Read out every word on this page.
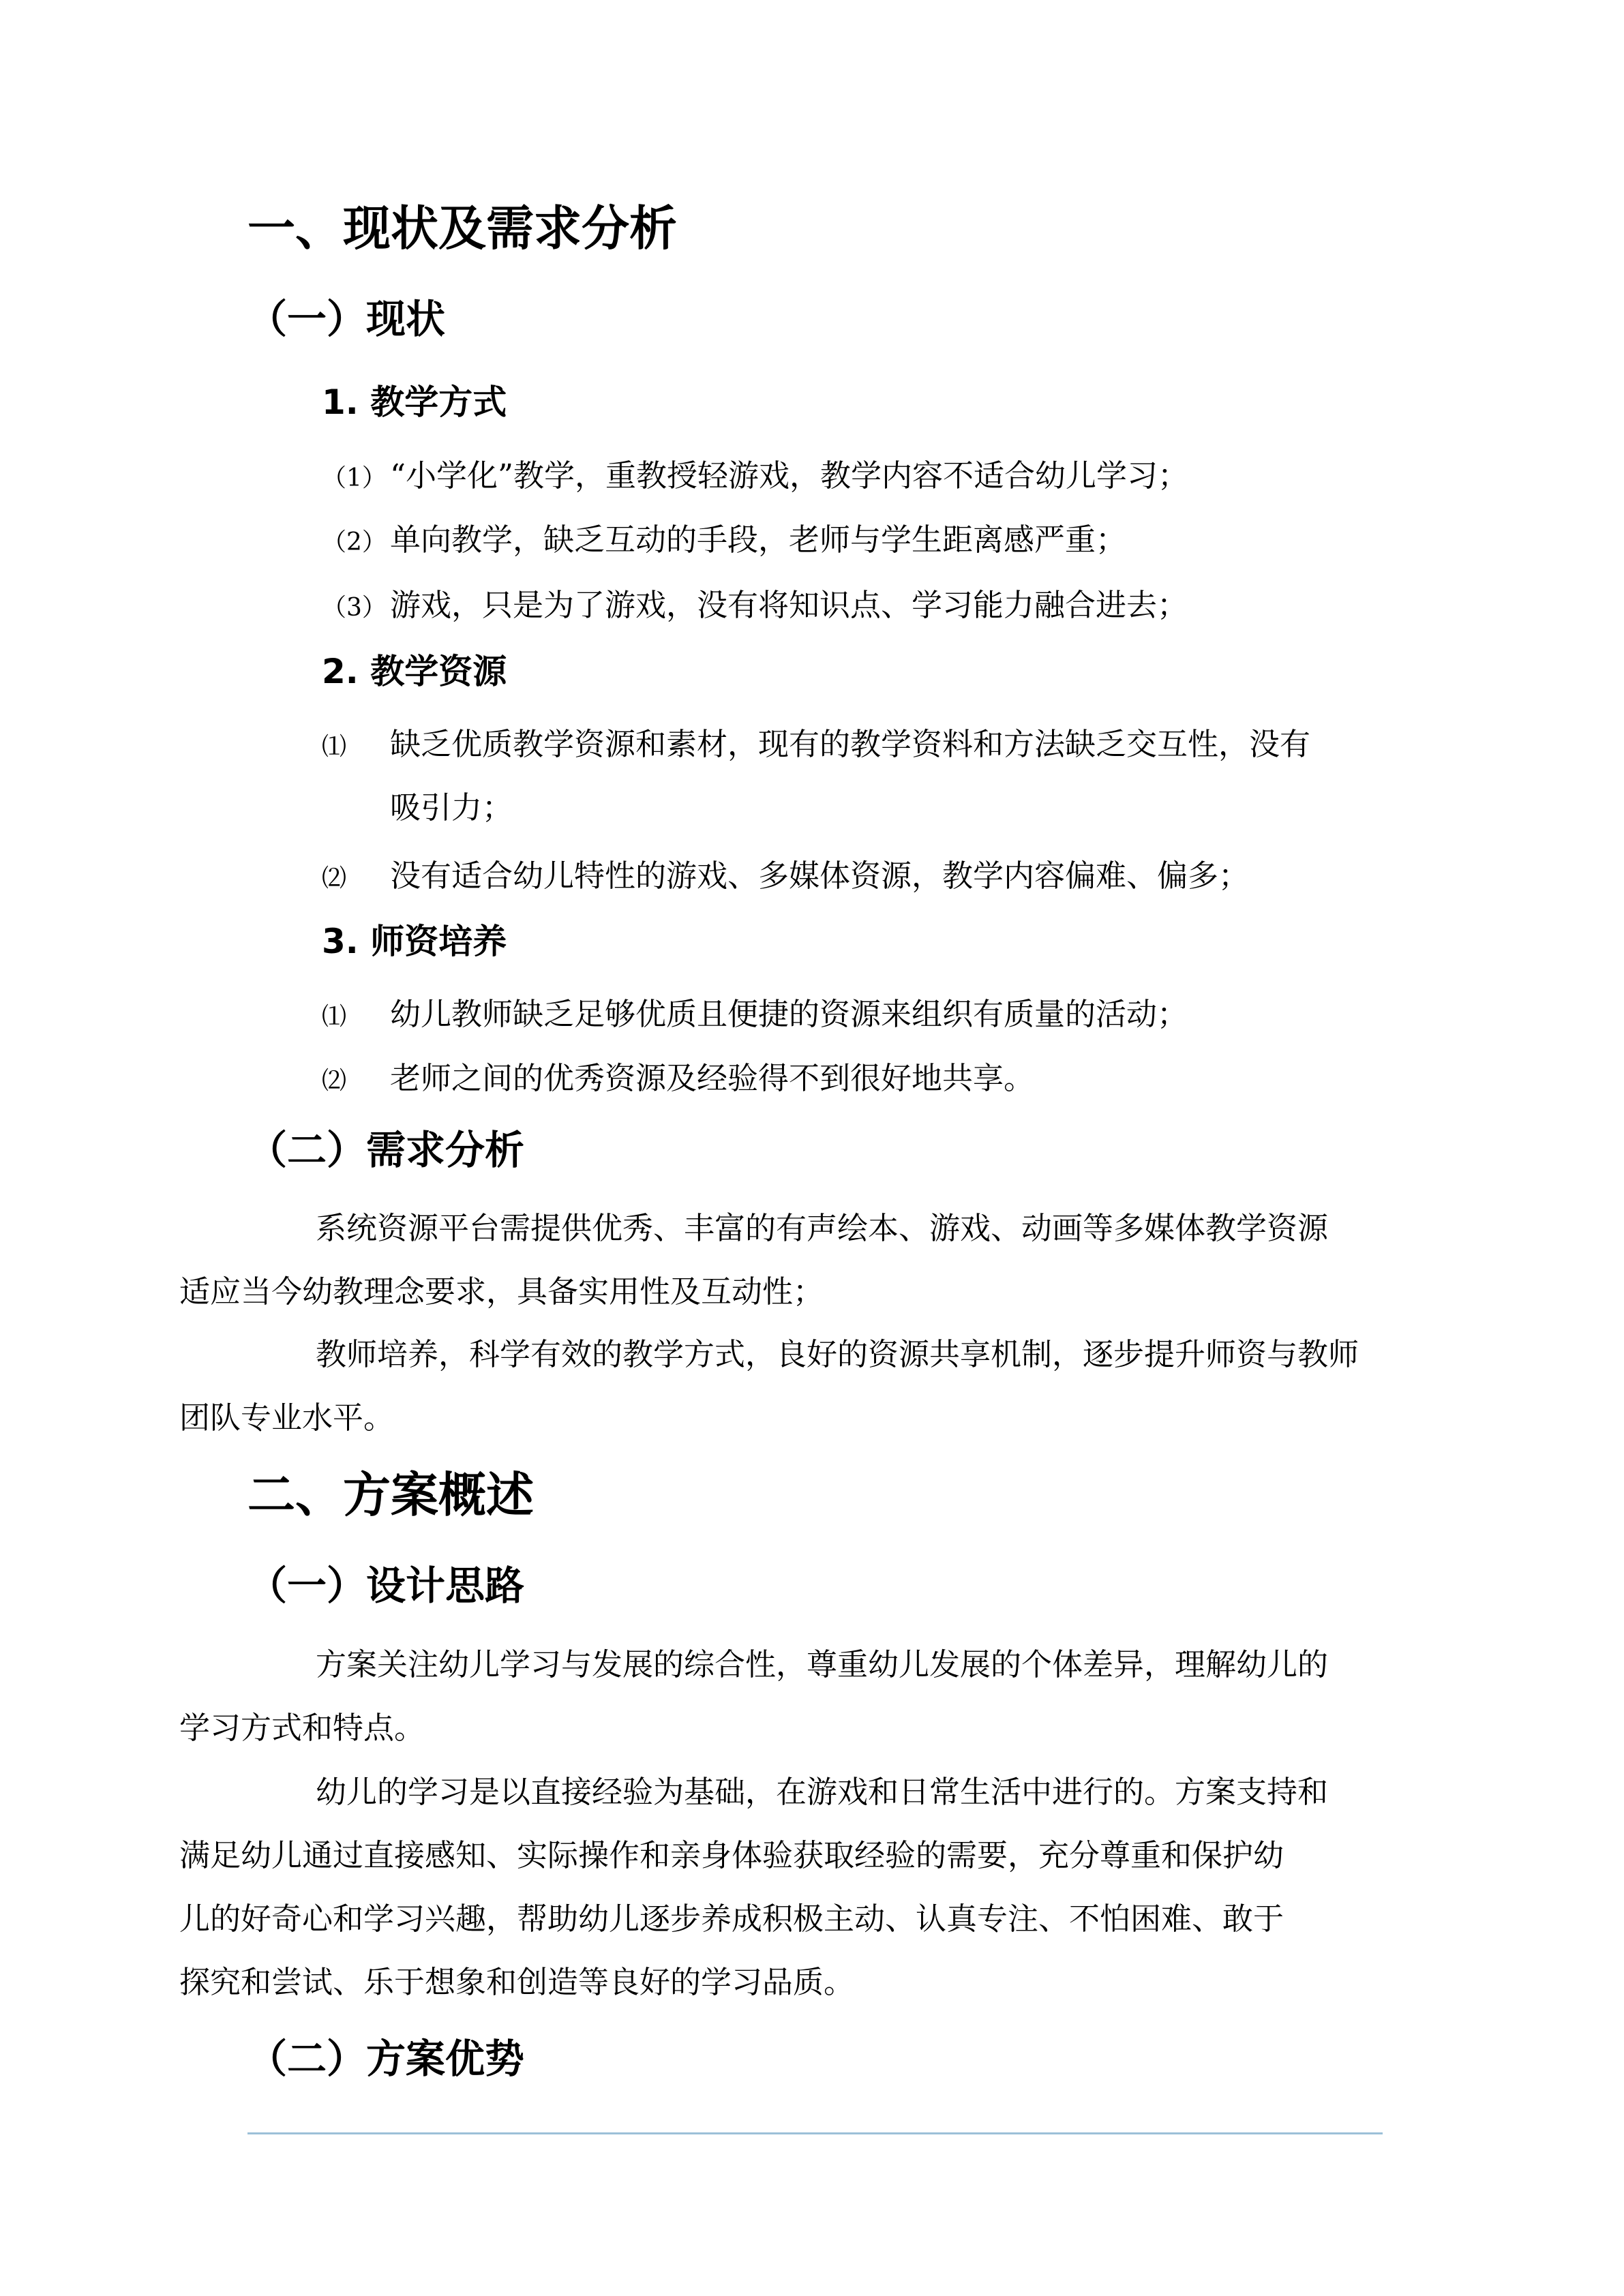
一、现状及需求分析
（一）现状
1. 教学方式
（1） “小学化”教学，重教授轻游戏，教学内容不适合幼儿学习；
（2） 单向教学，缺乏互动的手段，老师与学生距离感严重；
（3） 游戏，只是为了游戏，没有将知识点、学习能力融合进去；
2. 教学资源
⑴ 缺乏优质教学资源和素材，现有的教学资料和方法缺乏交互性，没有
吸引力；
⑵ 没有适合幼儿特性的游戏、多媒体资源，教学内容偏难、偏多；
3. 师资培养
⑴ 幼儿教师缺乏足够优质且便捷的资源来组织有质量的活动；
⑵ 老师之间的优秀资源及经验得不到很好地共享。
（二）需求分析
系统资源平台需提供优秀、丰富的有声绘本、游戏、动画等多媒体教学资源
适应当今幼教理念要求，具备实用性及互动性；
教师培养，科学有效的教学方式，良好的资源共享机制，逐步提升师资与教师
团队专业水平。
二、方案概述
（一）设计思路
方案关注幼儿学习与发展的综合性，尊重幼儿发展的个体差异，理解幼儿的
学习方式和特点。
幼儿的学习是以直接经验为基础，在游戏和日常生活中进行的。方案支持和
满足幼儿通过直接感知、实际操作和亲身体验获取经验的需要，充分尊重和保护幼
儿的好奇心和学习兴趣，帮助幼儿逐步养成积极主动、认真专注、不怕困难、敢于
探究和尝试、乐于想象和创造等良好的学习品质。
（二）方案优势
